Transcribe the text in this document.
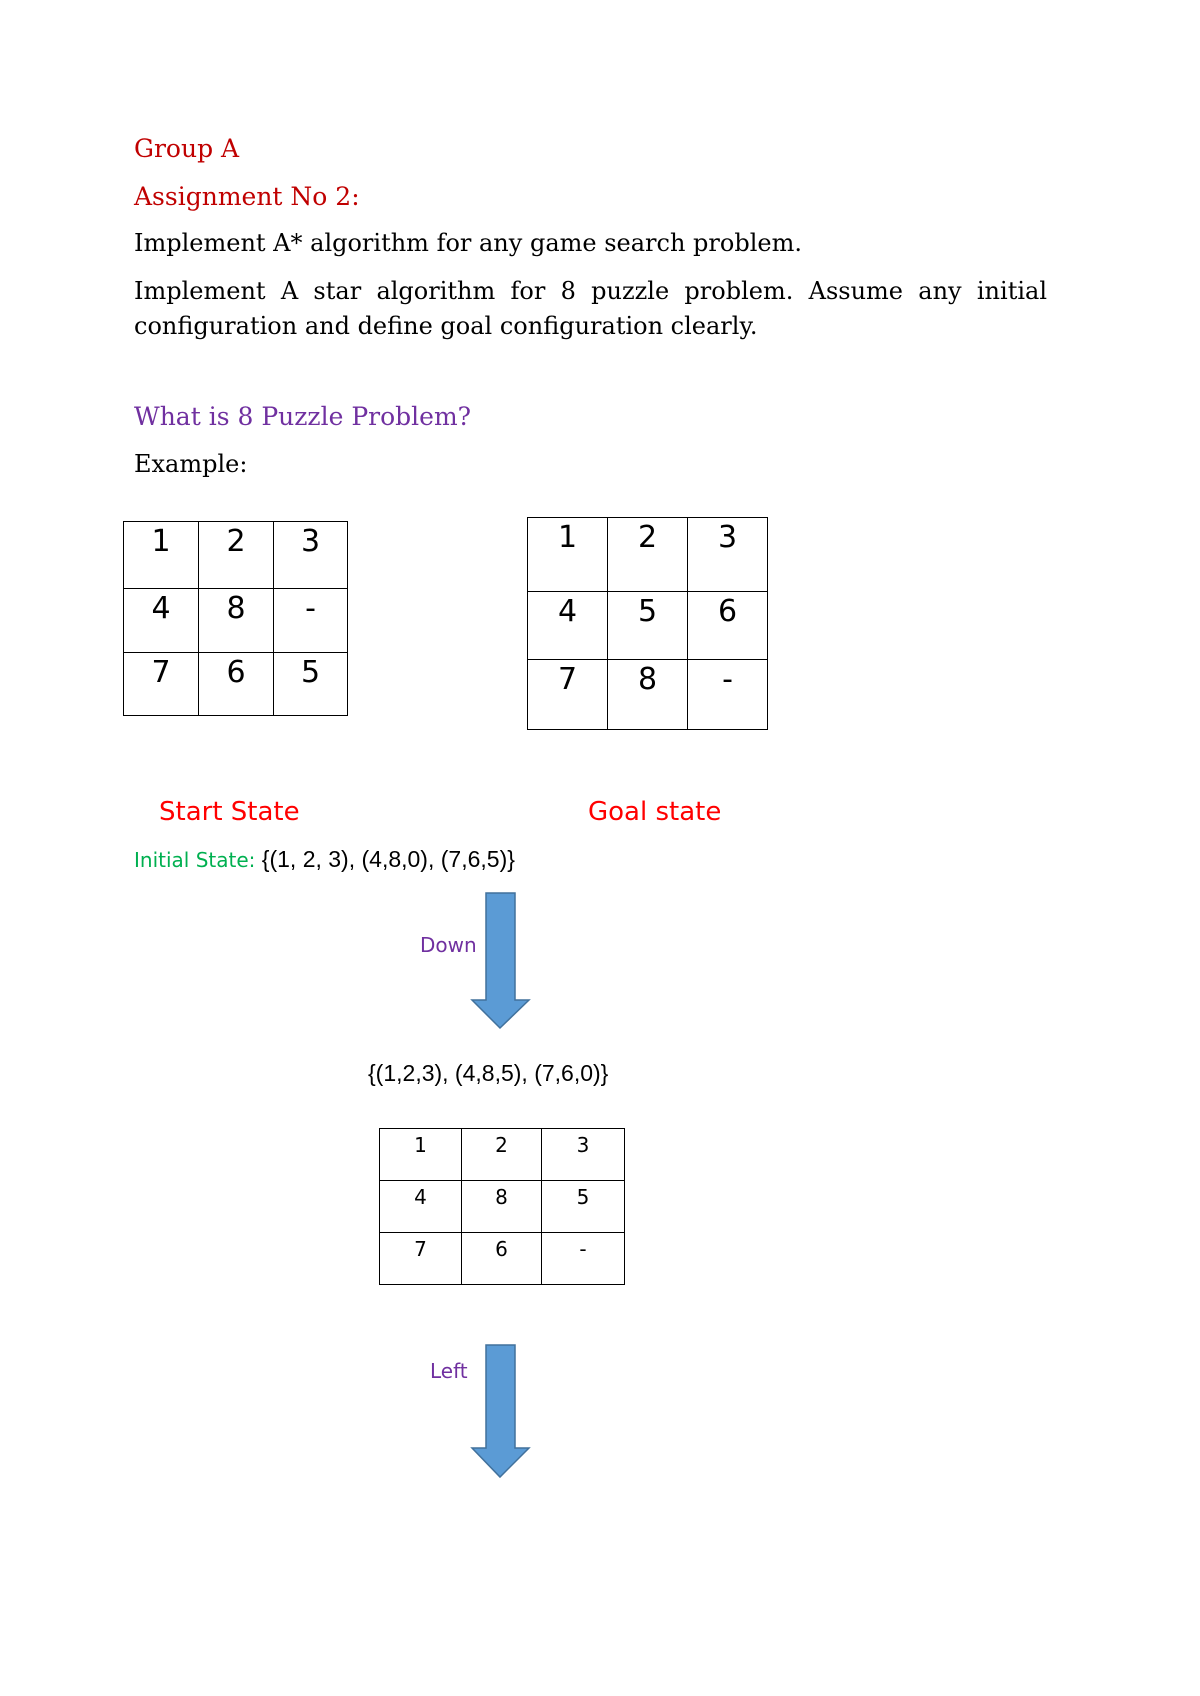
Group A
Assignment No 2:
Implement A* algorithm for any game search problem.
Implement A star algorithm for 8 puzzle problem. Assume any initial configuration and define goal configuration clearly.
What is 8 Puzzle Problem?
Example:
1	2	3

4	8	-

7	6	5
1	2	3

4	5	6

7	8	-
Start State	Goal state
Initial State: {(1, 2, 3), (4,8,0), (7,6,5)}
Down
{(1,2,3), (4,8,5), (7,6,0)}
1	2	3

4	8	5

7	6	-
Left
